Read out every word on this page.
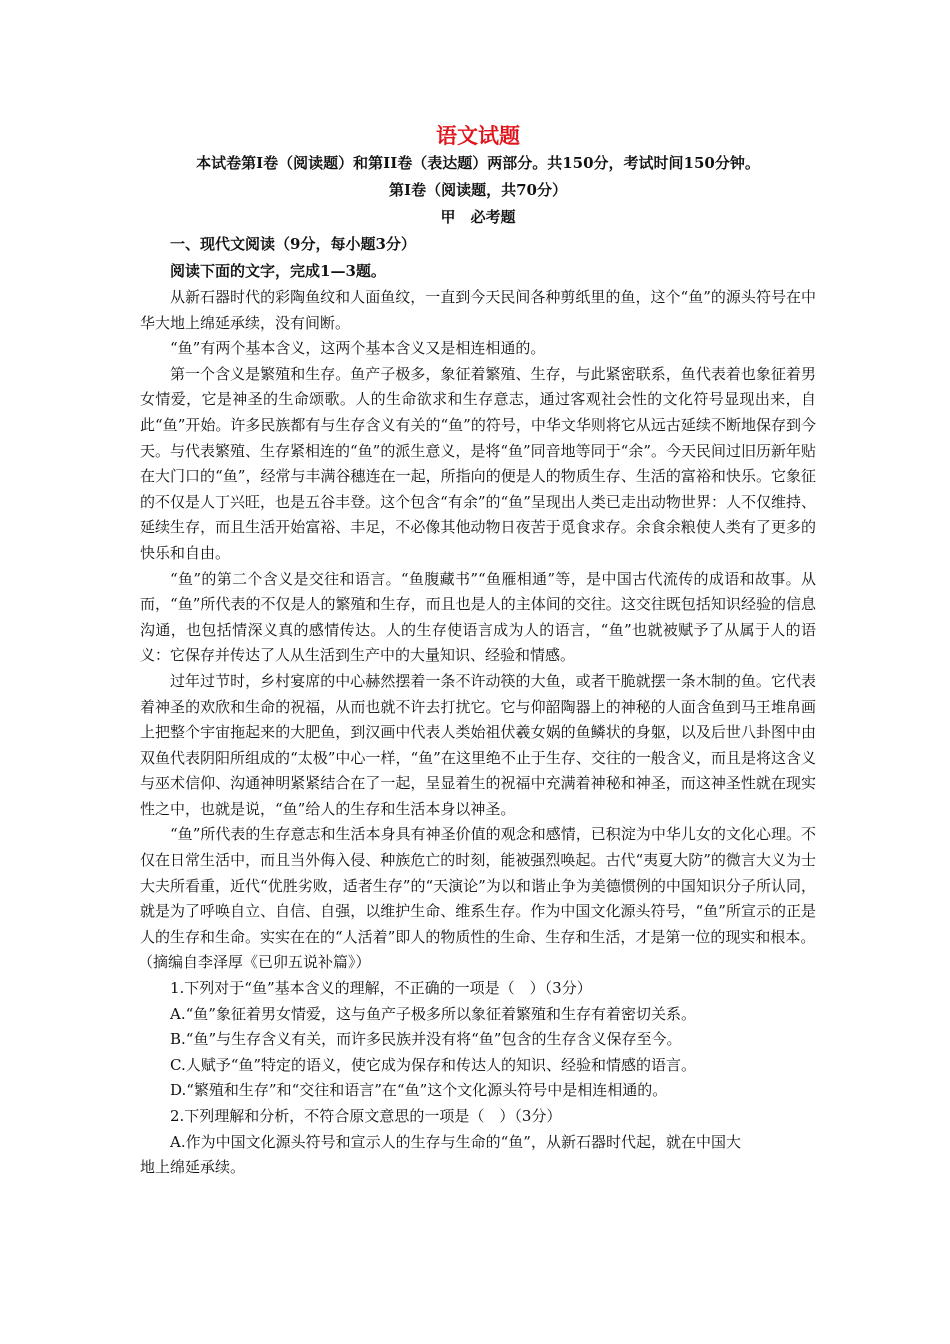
语文试题

本试卷第Ⅰ卷（阅读题）和第II卷（表达题）两部分。共150分，考试时间150分钟。

第Ⅰ卷（阅读题，共70分）

甲　必考题

一、现代文阅读（9分，每小题3分）

阅读下面的文字，完成1—3题。

从新石器时代的彩陶鱼纹和人面鱼纹，一直到今天民间各种剪纸里的鱼，这个“鱼”的源头符号在中华大地上绵延承续，没有间断。

“鱼”有两个基本含义，这两个基本含义又是相连相通的。

第一个含义是繁殖和生存。鱼产子极多，象征着繁殖、生存，与此紧密联系，鱼代表着也象征着男女情爱，它是神圣的生命颂歌。人的生命欲求和生存意志，通过客观社会性的文化符号显现出来，自此“鱼”开始。许多民族都有与生存含义有关的“鱼”的符号，中华文华则将它从远古延续不断地保存到今天。与代表繁殖、生存紧相连的“鱼”的派生意义，是将“鱼”同音地等同于“余”。今天民间过旧历新年贴在大门口的“鱼”，经常与丰满谷穗连在一起，所指向的便是人的物质生存、生活的富裕和快乐。它象征的不仅是人丁兴旺，也是五谷丰登。这个包含“有余”的“鱼”呈现出人类已走出动物世界：人不仅维持、延续生存，而且生活开始富裕、丰足，不必像其他动物日夜苦于觅食求存。余食余粮使人类有了更多的快乐和自由。

“鱼”的第二个含义是交往和语言。“鱼腹藏书”“鱼雁相通”等，是中国古代流传的成语和故事。从而，“鱼”所代表的不仅是人的繁殖和生存，而且也是人的主体间的交往。这交往既包括知识经验的信息沟通，也包括情深义真的感情传达。人的生存使语言成为人的语言，“鱼”也就被赋予了从属于人的语义：它保存并传达了人从生活到生产中的大量知识、经验和情感。

过年过节时，乡村宴席的中心赫然摆着一条不许动筷的大鱼，或者干脆就摆一条木制的鱼。它代表着神圣的欢欣和生命的祝福，从而也就不许去打扰它。它与仰韶陶器上的神秘的人面含鱼到马王堆帛画上把整个宇宙拖起来的大肥鱼，到汉画中代表人类始祖伏羲女娲的鱼鳞状的身躯，以及后世八卦图中由双鱼代表阴阳所组成的“太极”中心一样，“鱼”在这里绝不止于生存、交往的一般含义，而且是将这含义与巫术信仰、沟通神明紧紧结合在了一起，呈显着生的祝福中充满着神秘和神圣，而这神圣性就在现实性之中，也就是说，“鱼”给人的生存和生活本身以神圣。

“鱼”所代表的生存意志和生活本身具有神圣价值的观念和感情，已积淀为中华儿女的文化心理。不仅在日常生活中，而且当外侮入侵、种族危亡的时刻，能被强烈唤起。古代“夷夏大防”的微言大义为士大夫所看重，近代“优胜劣败，适者生存”的“天演论”为以和谐止争为美德惯例的中国知识分子所认同，就是为了呼唤自立、自信、自强，以维护生命、维系生存。作为中国文化源头符号，“鱼”所宣示的正是人的生存和生命。实实在在的“人活着”即人的物质性的生命、生存和生活，才是第一位的现实和根本。

（摘编自李泽厚《已卯五说补篇》）

1.下列对于“鱼”基本含义的理解，不正确的一项是（　）（3分）

A.“鱼”象征着男女情爱，这与鱼产子极多所以象征着繁殖和生存有着密切关系。

B.“鱼”与生存含义有关，而许多民族并没有将“鱼”包含的生存含义保存至今。

C.人赋予“鱼”特定的语义，使它成为保存和传达人的知识、经验和情感的语言。

D.“繁殖和生存”和“交往和语言”在“鱼”这个文化源头符号中是相连相通的。

2.下列理解和分析，不符合原文意思的一项是（　）（3分）

A.作为中国文化源头符号和宣示人的生存与生命的“鱼”，从新石器时代起，就在中国大

地上绵延承续。
